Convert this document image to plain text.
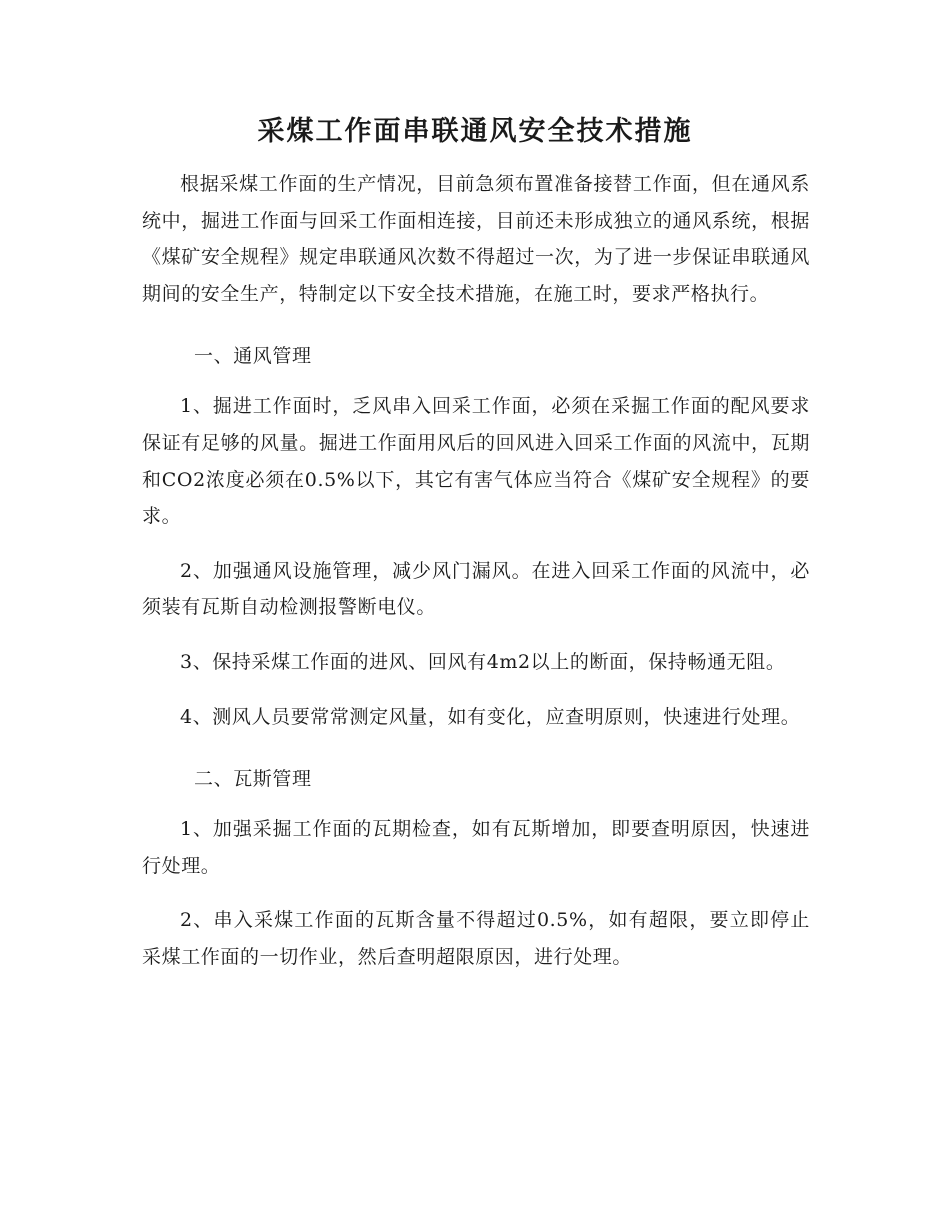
采煤工作面串联通风安全技术措施

根据采煤工作面的生产情况，目前急须布置准备接替工作面，但在通风系统中，掘进工作面与回采工作面相连接，目前还未形成独立的通风系统，根据《煤矿安全规程》规定串联通风次数不得超过一次，为了进一步保证串联通风期间的安全生产，特制定以下安全技术措施，在施工时，要求严格执行。

一、通风管理

1、掘进工作面时，乏风串入回采工作面，必须在采掘工作面的配风要求保证有足够的风量。掘进工作面用风后的回风进入回采工作面的风流中，瓦期和CO2浓度必须在0.5%以下，其它有害气体应当符合《煤矿安全规程》的要求。

2、加强通风设施管理，减少风门漏风。在进入回采工作面的风流中，必须装有瓦斯自动检测报警断电仪。

3、保持采煤工作面的进风、回风有4m2以上的断面，保持畅通无阻。

4、测风人员要常常测定风量，如有变化，应查明原则，快速进行处理。

二、瓦斯管理

1、加强采掘工作面的瓦期检查，如有瓦斯增加，即要查明原因，快速进行处理。

2、串入采煤工作面的瓦斯含量不得超过0.5%，如有超限，要立即停止采煤工作面的一切作业，然后查明超限原因，进行处理。
